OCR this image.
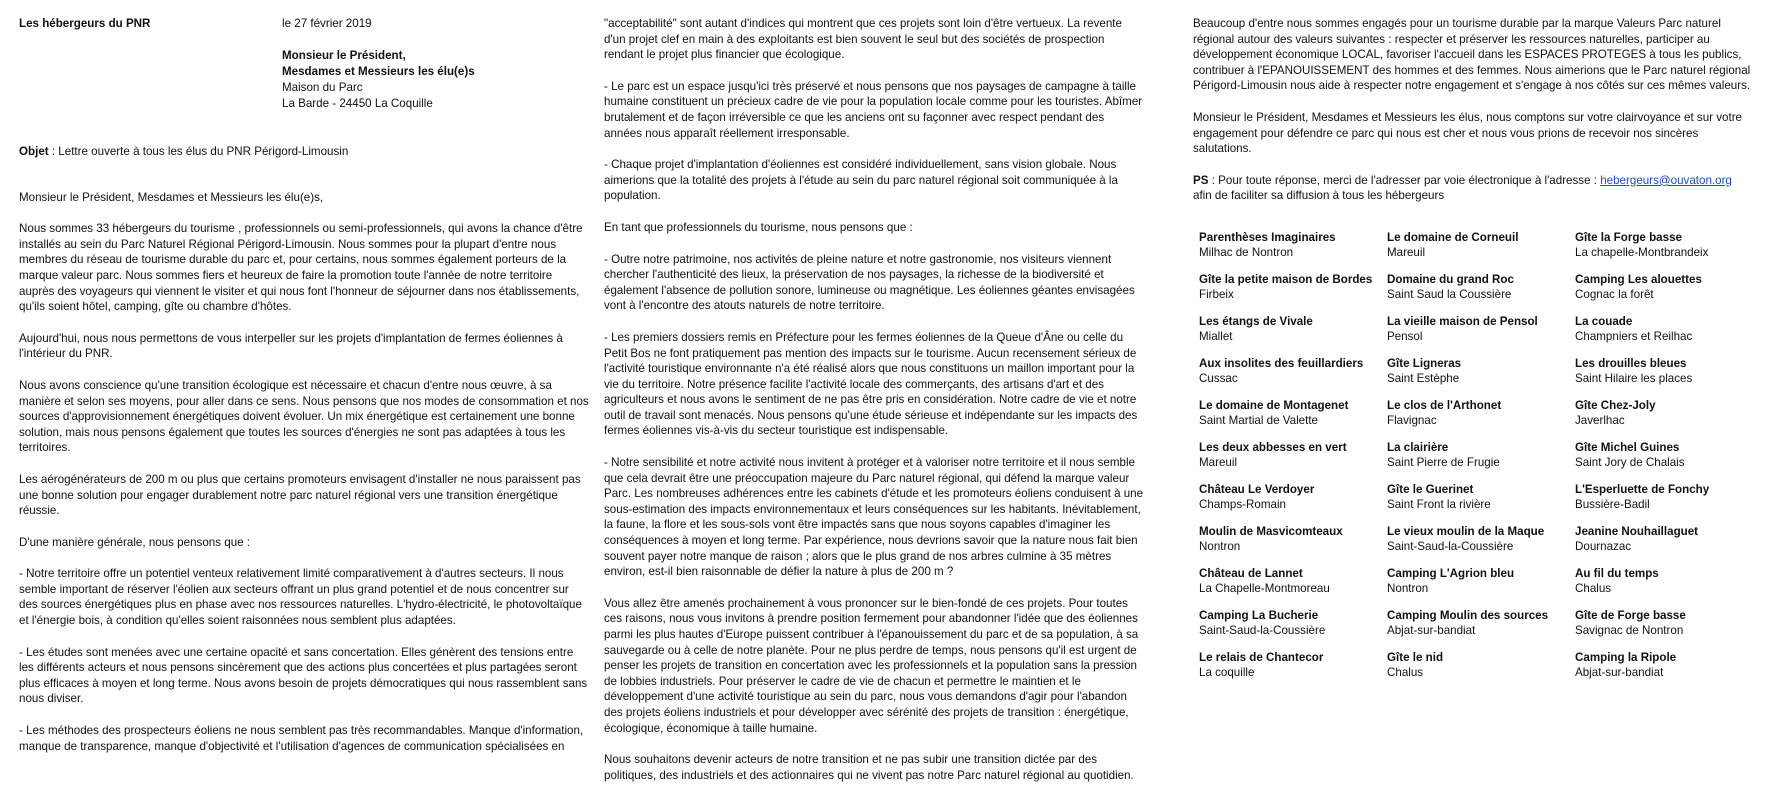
Les hébergeurs du PNR	le 27 février 2019
Monsieur le Président,
Mesdames et Messieurs les élu(e)s
Maison du Parc
La Barde - 24450 La Coquille

Objet : Lettre ouverte à tous les élus du PNR Périgord-Limousin

Monsieur le Président, Mesdames et Messieurs les élu(e)s,

Nous sommes 33 hébergeurs du tourisme , professionnels ou semi-professionnels, qui avons la chance d'être installés au sein du Parc Naturel Régional Périgord-Limousin. Nous sommes pour la plupart d'entre nous membres du réseau de tourisme durable du parc et, pour certains, nous sommes également porteurs de la marque valeur parc. Nous sommes fiers et heureux de faire la promotion toute l'année de notre territoire auprès des voyageurs qui viennent le visiter et qui nous font l'honneur de séjourner dans nos établissements, qu'ils soient hôtel, camping, gîte ou chambre d'hôtes.

Aujourd'hui, nous nous permettons de vous interpeller sur les projets d'implantation de fermes éoliennes à l'intérieur du PNR.

Nous avons conscience qu'une transition écologique est nécessaire et chacun d'entre nous œuvre, à sa manière et selon ses moyens, pour aller dans ce sens. Nous pensons que nos modes de consommation et nos sources d'approvisionnement énergétiques doivent évoluer. Un mix énergétique est certainement une bonne solution, mais nous pensons également que toutes les sources d'énergies ne sont pas adaptées à tous les territoires.

Les aérogénérateurs de 200 m ou plus que certains promoteurs envisagent d'installer ne nous paraissent pas une bonne solution pour engager durablement notre parc naturel régional vers une transition énergétique réussie.

D'une manière générale, nous pensons que :

- Notre territoire offre un potentiel venteux relativement limité comparativement à d'autres secteurs. Il nous semble important de réserver l'éolien aux secteurs offrant un plus grand potentiel et de nous concentrer sur des sources énergétiques plus en phase avec nos ressources naturelles. L'hydro-électricité, le photovoltaïque et l'énergie bois, à condition qu'elles soient raisonnées nous semblent plus adaptées.

- Les études sont menées avec une certaine opacité et sans concertation. Elles génèrent des tensions entre les différents acteurs et nous pensons sincèrement que des actions plus concertées et plus partagées seront plus efficaces à moyen et long terme. Nous avons besoin de projets démocratiques qui nous rassemblent sans nous diviser.

- Les méthodes des prospecteurs éoliens ne nous semblent pas très recommandables. Manque d'information, manque de transparence, manque d'objectivité et l'utilisation d'agences de communication spécialisées en

"acceptabilité" sont autant d'indices qui montrent que ces projets sont loin d'être vertueux. La revente d'un projet clef en main à des exploitants est bien souvent le seul but des sociétés de prospection rendant le projet plus financier que écologique.

- Le parc est un espace jusqu'ici très préservé et nous pensons que nos paysages de campagne à taille humaine constituent un précieux cadre de vie pour la population locale comme pour les touristes. Abîmer brutalement et de façon irréversible ce que les anciens ont su façonner avec respect pendant des années nous apparaît réellement irresponsable.

- Chaque projet d'implantation d'éoliennes est considéré individuellement, sans vision globale. Nous aimerions que la totalité des projets à l'étude au sein du parc naturel régional soit communiquée à la population.

En tant que professionnels du tourisme, nous pensons que :

- Outre notre patrimoine, nos activités de pleine nature et notre gastronomie, nos visiteurs viennent chercher l'authenticité des lieux, la préservation de nos paysages, la richesse de la biodiversité et également l'absence de pollution sonore, lumineuse ou magnétique. Les éoliennes géantes envisagées vont à l'encontre des atouts naturels de notre territoire.

- Les premiers dossiers remis en Préfecture pour les fermes éoliennes de la Queue d'Âne ou celle du Petit Bos ne font pratiquement pas mention des impacts sur le tourisme. Aucun recensement sérieux de l'activité touristique environnante n'a été réalisé alors que nous constituons un maillon important pour la vie du territoire. Notre présence facilite l'activité locale des commerçants, des artisans d'art et des agriculteurs et nous avons le sentiment de ne pas être pris en considération. Notre cadre de vie et notre outil de travail sont menacés. Nous pensons qu'une étude sérieuse et indépendante sur les impacts des fermes éoliennes vis-à-vis du secteur touristique est indispensable.

- Notre sensibilité et notre activité nous invitent à protéger et à valoriser notre territoire et il nous semble que cela devrait être une préoccupation majeure du Parc naturel régional, qui défend la marque valeur Parc. Les nombreuses adhérences entre les cabinets d'étude et les promoteurs éoliens conduisent à une sous-estimation des impacts environnementaux et leurs conséquences sur les habitants. Inévitablement, la faune, la flore et les sous-sols vont être impactés sans que nous soyons capables d'imaginer les conséquences à moyen et long terme. Par expérience, nous devrions savoir que la nature nous fait bien souvent payer notre manque de raison ; alors que le plus grand de nos arbres culmine à 35 mètres environ, est-il bien raisonnable de défier la nature à plus de 200 m ?

Vous allez être amenés prochainement à vous prononcer sur le bien-fondé de ces projets. Pour toutes ces raisons, nous vous invitons à prendre position fermement pour abandonner l'idée que des éoliennes parmi les plus hautes d'Europe puissent contribuer à l'épanouissement du parc et de sa population, à sa sauvegarde ou à celle de notre planète. Pour ne plus perdre de temps, nous pensons qu'il est urgent de penser les projets de transition en concertation avec les professionnels et la population sans la pression de lobbies industriels. Pour préserver le cadre de vie de chacun et permettre le maintien et le développement d'une activité touristique au sein du parc, nous vous demandons d'agir pour l'abandon des projets éoliens industriels et pour développer avec sérénité des projets de transition : énergétique, écologique, économique à taille humaine.

Nous souhaitons devenir acteurs de notre transition et ne pas subir une transition dictée par des politiques, des industriels et des actionnaires qui ne vivent pas notre Parc naturel régional au quotidien.

Beaucoup d'entre nous sommes engagés pour un tourisme durable par la marque Valeurs Parc naturel régional autour des valeurs suivantes : respecter et préserver les ressources naturelles, participer au développement économique LOCAL, favoriser l'accueil dans les ESPACES PROTEGES à tous les publics, contribuer à l'EPANOUISSEMENT des hommes et des femmes. Nous aimerions que le Parc naturel régional Périgord-Limousin nous aide à respecter notre engagement et s'engage à nos côtés sur ces mêmes valeurs.

Monsieur le Président, Mesdames et Messieurs les élus, nous comptons sur votre clairvoyance et sur votre engagement pour défendre ce parc qui nous est cher et nous vous prions de recevoir nos sincères salutations.

PS : Pour toute réponse, merci de l'adresser par voie électronique à l'adresse : hebergeurs@ouvaton.org afin de faciliter sa diffusion à tous les hébergeurs

Parenthèses Imaginaires
Milhac de Nontron
Le domaine de Corneuil
Mareuil
Gîte la Forge basse
La chapelle-Montbrandeix
Gîte la petite maison de Bordes
Firbeix
Domaine du grand Roc
Saint Saud la Coussière
Camping Les alouettes
Cognac la forêt
Les étangs de Vivale
Miallet
La vieille maison de Pensol
Pensol
La couade
Champniers et Reilhac
Aux insolites des feuillardiers
Cussac
Gîte Ligneras
Saint Estèphe
Les drouilles bleues
Saint Hilaire les places
Le domaine de Montagenet
Saint Martial de Valette
Le clos de l'Arthonet
Flavignac
Gîte Chez-Joly
Javerlhac
Les deux abbesses en vert
Mareuil
La clairière
Saint Pierre de Frugie
Gîte Michel Guines
Saint Jory de Chalais
Château Le Verdoyer
Champs-Romain
Gîte le Guerinet
Saint Front la rivière
L'Esperluette de Fonchy
Bussière-Badil
Moulin de Masvicomteaux
Nontron
Le vieux moulin de la Maque
Saint-Saud-la-Coussière
Jeanine Nouhaillaguet
Dournazac
Château de Lannet
La Chapelle-Montmoreau
Camping L'Agrion bleu
Nontron
Au fil du temps
Chalus
Camping La Bucherie
Saint-Saud-la-Coussière
Camping Moulin des sources
Abjat-sur-bandiat
Gîte de Forge basse
Savignac de Nontron
Le relais de Chantecor
La coquille
Gîte le nid
Chalus
Camping la Ripole
Abjat-sur-bandiat
